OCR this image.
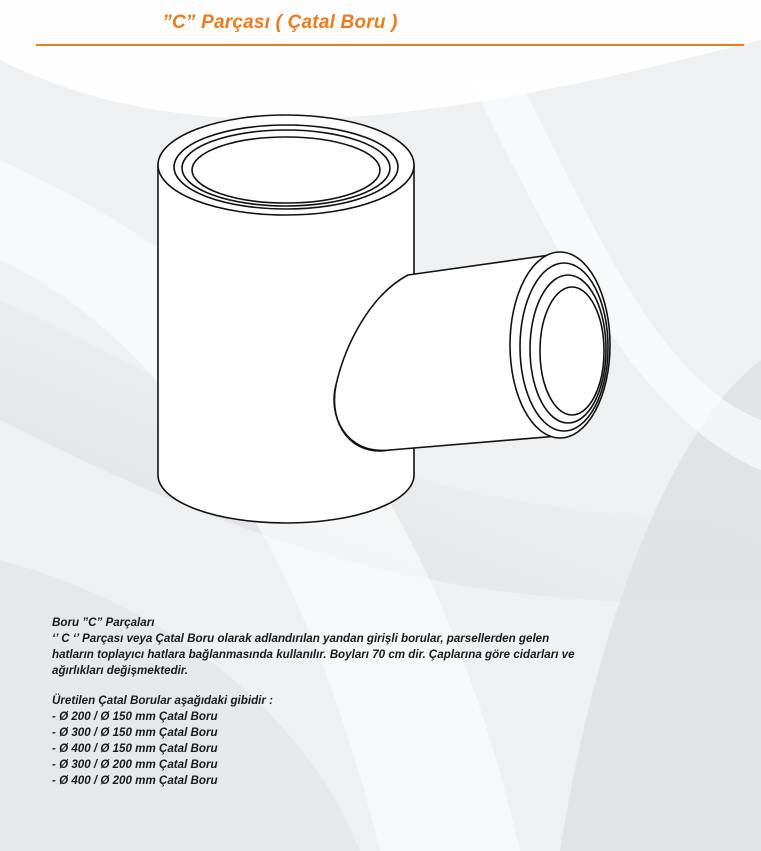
”C” Parçası ( Çatal Boru )

Boru ”C” Parçaları

‘’ C ‘’ Parçası veya Çatal Boru olarak adlandırılan yandan girişli borular, parsellerden gelen

hatların toplayıcı hatlara bağlanmasında kullanılır. Boyları 70 cm dir. Çaplarına göre cidarları ve

ağırlıkları değişmektedir.

Üretilen Çatal Borular aşağıdaki gibidir :

- Ø 200 / Ø 150 mm Çatal Boru

- Ø 300 / Ø 150 mm Çatal Boru

- Ø 400 / Ø 150 mm Çatal Boru

- Ø 300 / Ø 200 mm Çatal Boru

- Ø 400 / Ø 200 mm Çatal Boru
